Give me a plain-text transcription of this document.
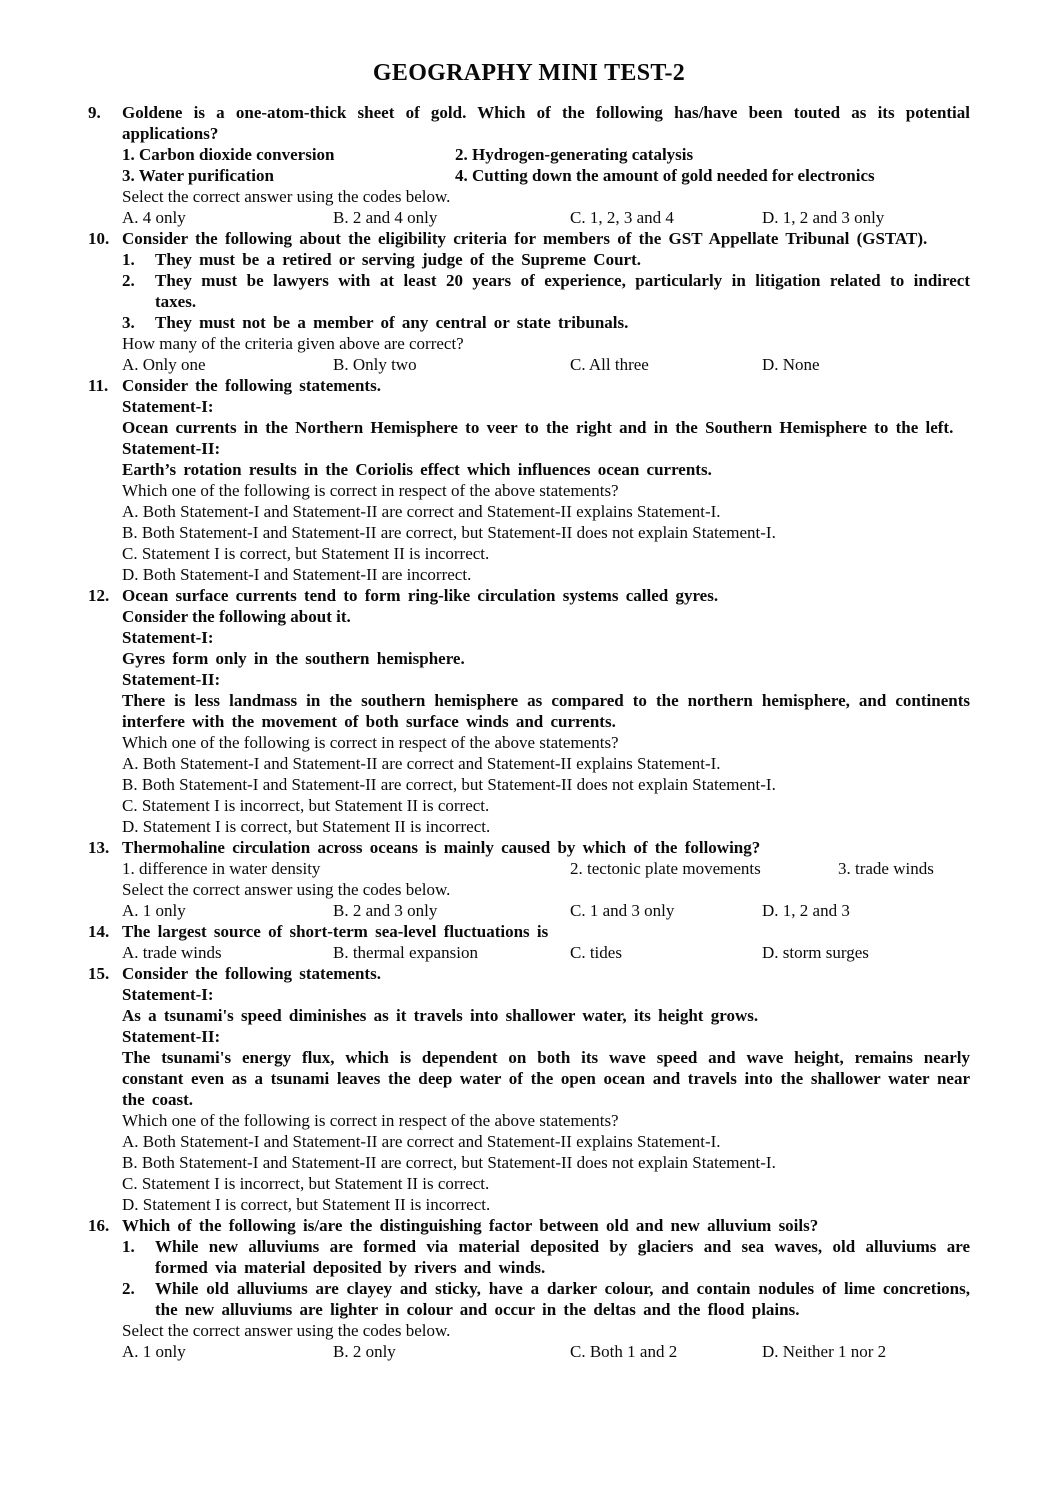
GEOGRAPHY MINI TEST-2
9.	Goldene is a one-atom-thick sheet of gold. Which of the following has/have been touted as its potential applications?
1. Carbon dioxide conversion	2. Hydrogen-generating catalysis
3. Water purification	4. Cutting down the amount of gold needed for electronics
Select the correct answer using the codes below.
A. 4 only	B. 2 and 4 only	C. 1, 2, 3 and 4	D. 1, 2 and 3 only
10. Consider the following about the eligibility criteria for members of the GST Appellate Tribunal (GSTAT).
1.	They must be a retired or serving judge of the Supreme Court.
2.	They must be lawyers with at least 20 years of experience, particularly in litigation related to indirect taxes.
3.	They must not be a member of any central or state tribunals.
How many of the criteria given above are correct?
A. Only one	B. Only two	C. All three	D. None
11. Consider the following statements.
Statement-I:
Ocean currents in the Northern Hemisphere to veer to the right and in the Southern Hemisphere to the left.
Statement-II:
Earth’s rotation results in the Coriolis effect which influences ocean currents.
Which one of the following is correct in respect of the above statements?
A. Both Statement-I and Statement-II are correct and Statement-II explains Statement-I.
B. Both Statement-I and Statement-II are correct, but Statement-II does not explain Statement-I.
C. Statement I is correct, but Statement II is incorrect.
D. Both Statement-I and Statement-II are incorrect.
12. Ocean surface currents tend to form ring-like circulation systems called gyres.
Consider the following about it.
Statement-I:
Gyres form only in the southern hemisphere.
Statement-II:
There is less landmass in the southern hemisphere as compared to the northern hemisphere, and continents interfere with the movement of both surface winds and currents.
Which one of the following is correct in respect of the above statements?
A. Both Statement-I and Statement-II are correct and Statement-II explains Statement-I.
B. Both Statement-I and Statement-II are correct, but Statement-II does not explain Statement-I.
C. Statement I is incorrect, but Statement II is correct.
D. Statement I is correct, but Statement II is incorrect.
13. Thermohaline circulation across oceans is mainly caused by which of the following?
1. difference in water density	2. tectonic plate movements	3. trade winds
Select the correct answer using the codes below.
A. 1 only	B. 2 and 3 only	C. 1 and 3 only	D. 1, 2 and 3
14. The largest source of short-term sea-level fluctuations is
A. trade winds	B. thermal expansion	C. tides	D. storm surges
15. Consider the following statements.
Statement-I:
As a tsunami's speed diminishes as it travels into shallower water, its height grows.
Statement-II:
The tsunami's energy flux, which is dependent on both its wave speed and wave height, remains nearly constant even as a tsunami leaves the deep water of the open ocean and travels into the shallower water near the coast.
Which one of the following is correct in respect of the above statements?
A. Both Statement-I and Statement-II are correct and Statement-II explains Statement-I.
B. Both Statement-I and Statement-II are correct, but Statement-II does not explain Statement-I.
C. Statement I is incorrect, but Statement II is correct.
D. Statement I is correct, but Statement II is incorrect.
16. Which of the following is/are the distinguishing factor between old and new alluvium soils?
1.	While new alluviums are formed via material deposited by glaciers and sea waves, old alluviums are formed via material deposited by rivers and winds.
2.	While old alluviums are clayey and sticky, have a darker colour, and contain nodules of lime concretions, the new alluviums are lighter in colour and occur in the deltas and the flood plains.
Select the correct answer using the codes below.
A. 1 only	B. 2 only	C. Both 1 and 2	D. Neither 1 nor 2
